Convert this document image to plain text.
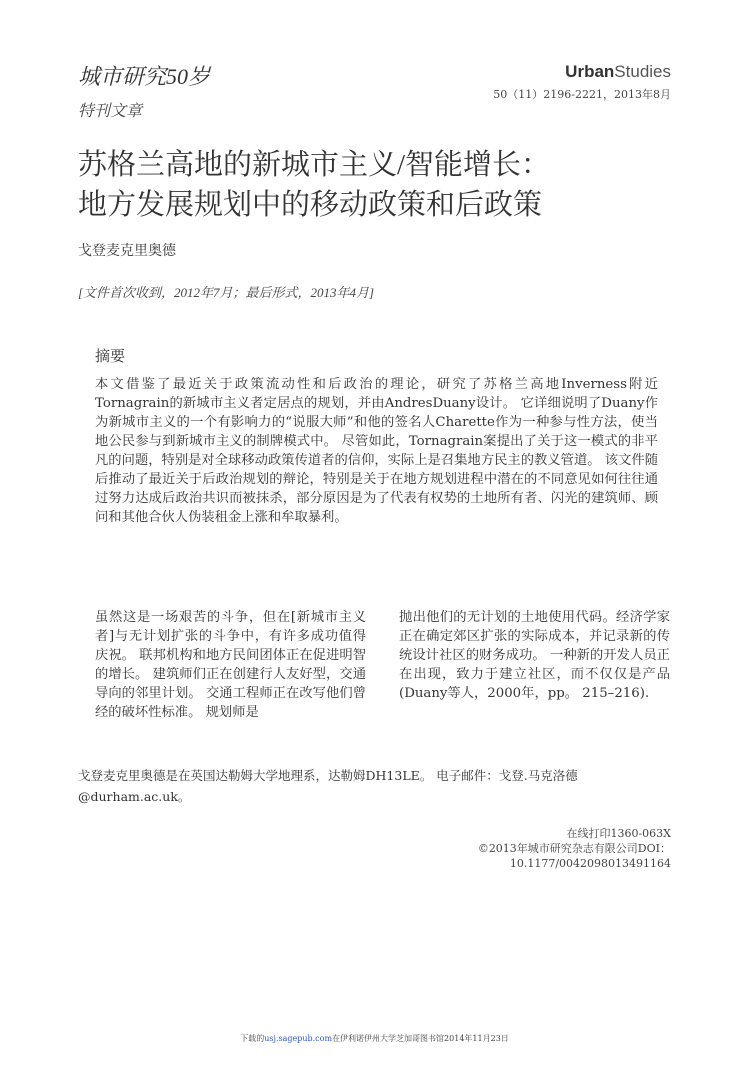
城市研究50岁
特刊文章
UrbanStudies
50（11）2196-2221，2013年8月
苏格兰高地的新城市主义/智能增长：
地方发展规划中的移动政策和后政策
戈登麦克里奥德
[文件首次收到，2012年7月；最后形式，2013年4月]
摘要

本文借鉴了最近关于政策流动性和后政治的理论，研究了苏格兰高地Inverness附近Tornagrain的新城市主义者定居点的规划，并由AndresDuany设计。 它详细说明了Duany作为新城市主义的一个有影响力的“说服大师”和他的签名人Charette作为一种参与性方法，使当地公民参与到新城市主义的制牌模式中。 尽管如此，Tornagrain案提出了关于这一模式的非平凡的问题，特别是对全球移动政策传道者的信仰，实际上是召集地方民主的教义管道。 该文件随后推动了最近关于后政治规划的辩论，特别是关于在地方规划进程中潜在的不同意见如何往往通过努力达成后政治共识而被抹杀，部分原因是为了代表有权势的土地所有者、闪光的建筑师、顾问和其他合伙人伪装租金上涨和牟取暴利。

虽然这是一场艰苦的斗争，但在[新城市主义者]与无计划扩张的斗争中，有许多成功值得庆祝。 联邦机构和地方民间团体正在促进明智的增长。 建筑师们正在创建行人友好型，交通导向的邻里计划。 交通工程师正在改写他们曾经的破坏性标准。 规划师是

抛出他们的无计划的土地使用代码。经济学家正在确定郊区扩张的实际成本，并记录新的传统设计社区的财务成功。 一种新的开发人员正在出现，致力于建立社区，而不仅仅是产品(Duany等人，2000年，pp。 215–216).

戈登麦克里奥德是在英国达勒姆大学地理系，达勒姆DH13LE。 电子邮件：戈登.马克洛德@durham.ac.uk。

在线打印1360-063X
©2013年城市研究杂志有限公司DOI：
10.1177/0042098013491164
下载的usj.sagepub.com在伊利诺伊州大学芝加哥图书馆2014年11月23日
